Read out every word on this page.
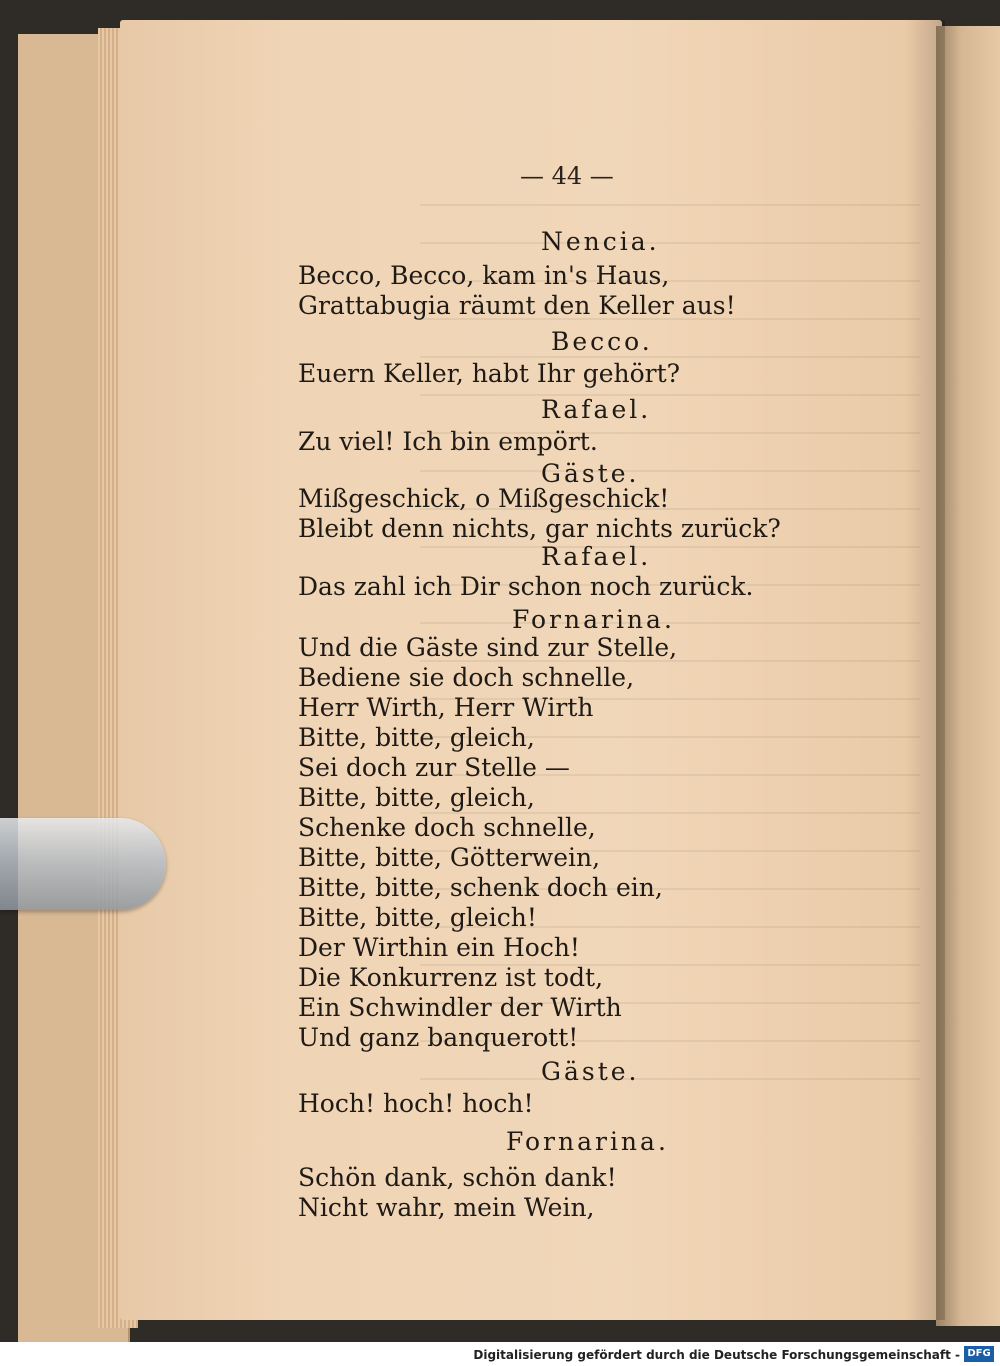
— 44 —
Nencia.
Becco, Becco, kam in's Haus,
Grattabugia räumt den Keller aus!
Becco.
Euern Keller, habt Ihr gehört?
Rafael.
Zu viel! Ich bin empört.
Gäste.
Mißgeschick, o Mißgeschick!
Bleibt denn nichts, gar nichts zurück?
Rafael.
Das zahl ich Dir schon noch zurück.
Fornarina.
Und die Gäste sind zur Stelle,
Bediene sie doch schnelle,
Herr Wirth, Herr Wirth
Bitte, bitte, gleich,
Sei doch zur Stelle —
Bitte, bitte, gleich,
Schenke doch schnelle,
Bitte, bitte, Götterwein,
Bitte, bitte, schenk doch ein,
Bitte, bitte, gleich!
Der Wirthin ein Hoch!
Die Konkurrenz ist todt,
Ein Schwindler der Wirth
Und ganz banquerott!
Gäste.
Hoch! hoch! hoch!
Fornarina.
Schön dank, schön dank!
Nicht wahr, mein Wein,
Digitalisierung gefördert durch die Deutsche Forschungsgemeinschaft - DFG
